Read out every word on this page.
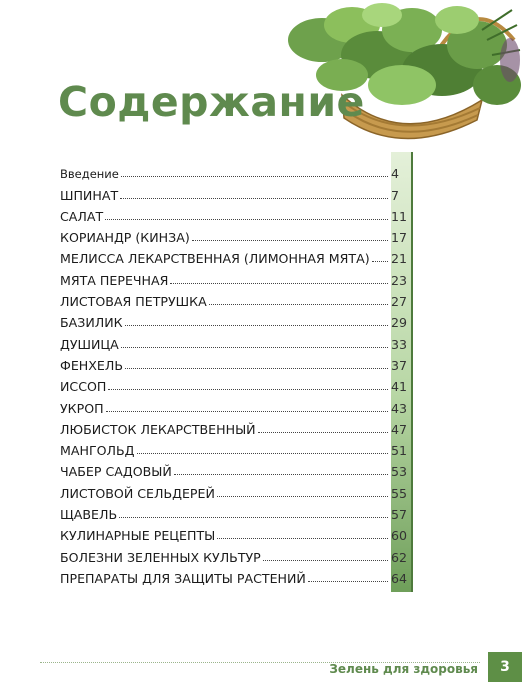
Содержание
Введение	4
ШПИНАТ	7
САЛАТ	11
КОРИАНДР (КИНЗА)	17
МЕЛИССА ЛЕКАРСТВЕННАЯ (ЛИМОННАЯ МЯТА) 21
МЯТА ПЕРЕЧНАЯ	23
ЛИСТОВАЯ ПЕТРУШКА	27
БАЗИЛИК	29
ДУШИЦА	33
ФЕНХЕЛЬ	37
ИССОП	41
УКРОП	43
ЛЮБИСТОК ЛЕКАРСТВЕННЫЙ	47
МАНГОЛЬД	51
ЧАБЕР САДОВЫЙ	53
ЛИСТОВОЙ СЕЛЬДЕРЕЙ	55
ЩАВЕЛЬ	57
КУЛИНАРНЫЕ РЕЦЕПТЫ	60
БОЛЕЗНИ ЗЕЛЕННЫХ КУЛЬТУР	62
ПРЕПАРАТЫ ДЛЯ ЗАЩИТЫ РАСТЕНИЙ	64
Зелень для здоровья	3
